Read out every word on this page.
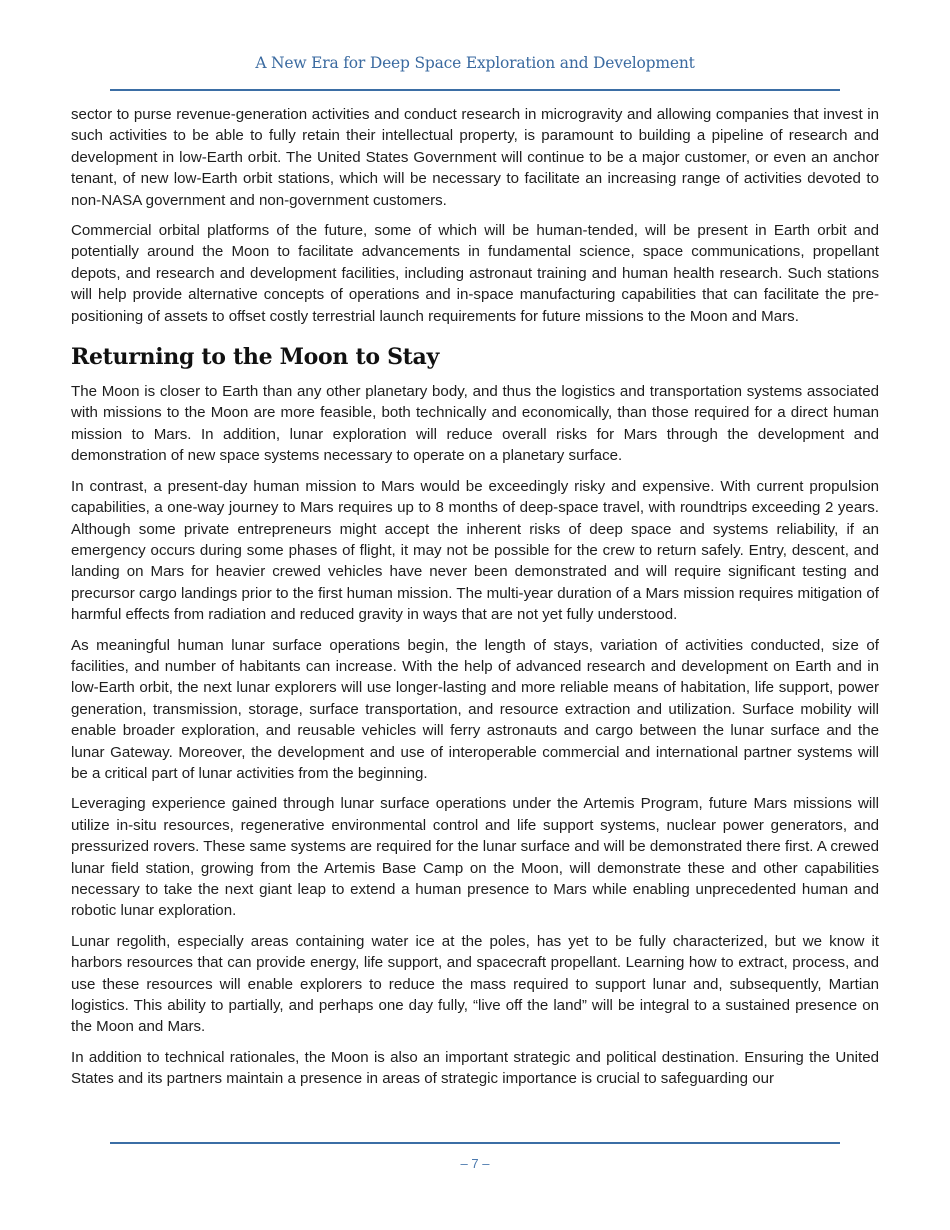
A New Era for Deep Space Exploration and Development

sector to purse revenue-generation activities and conduct research in microgravity and allowing companies that invest in such activities to be able to fully retain their intellectual property, is paramount to building a pipeline of research and development in low-Earth orbit. The United States Government will continue to be a major customer, or even an anchor tenant, of new low-Earth orbit stations, which will be necessary to facilitate an increasing range of activities devoted to non-NASA government and non-government customers.

Commercial orbital platforms of the future, some of which will be human-tended, will be present in Earth orbit and potentially around the Moon to facilitate advancements in fundamental science, space communications, propellant depots, and research and development facilities, including astronaut training and human health research. Such stations will help provide alternative concepts of operations and in-space manufacturing capabilities that can facilitate the pre-positioning of assets to offset costly terrestrial launch requirements for future missions to the Moon and Mars.

Returning to the Moon to Stay

The Moon is closer to Earth than any other planetary body, and thus the logistics and transportation systems associated with missions to the Moon are more feasible, both technically and economically, than those required for a direct human mission to Mars. In addition, lunar exploration will reduce overall risks for Mars through the development and demonstration of new space systems necessary to operate on a planetary surface.

In contrast, a present-day human mission to Mars would be exceedingly risky and expensive. With current propulsion capabilities, a one-way journey to Mars requires up to 8 months of deep-space travel, with roundtrips exceeding 2 years. Although some private entrepreneurs might accept the inherent risks of deep space and systems reliability, if an emergency occurs during some phases of flight, it may not be possible for the crew to return safely. Entry, descent, and landing on Mars for heavier crewed vehicles have never been demonstrated and will require significant testing and precursor cargo landings prior to the first human mission. The multi-year duration of a Mars mission requires mitigation of harmful effects from radiation and reduced gravity in ways that are not yet fully understood.

As meaningful human lunar surface operations begin, the length of stays, variation of activities conducted, size of facilities, and number of habitants can increase. With the help of advanced research and development on Earth and in low-Earth orbit, the next lunar explorers will use longer-lasting and more reliable means of habitation, life support, power generation, transmission, storage, surface transportation, and resource extraction and utilization. Surface mobility will enable broader exploration, and reusable vehicles will ferry astronauts and cargo between the lunar surface and the lunar Gateway. Moreover, the development and use of interoperable commercial and international partner systems will be a critical part of lunar activities from the beginning.

Leveraging experience gained through lunar surface operations under the Artemis Program, future Mars missions will utilize in-situ resources, regenerative environmental control and life support systems, nuclear power generators, and pressurized rovers. These same systems are required for the lunar surface and will be demonstrated there first. A crewed lunar field station, growing from the Artemis Base Camp on the Moon, will demonstrate these and other capabilities necessary to take the next giant leap to extend a human presence to Mars while enabling unprecedented human and robotic lunar exploration.

Lunar regolith, especially areas containing water ice at the poles, has yet to be fully characterized, but we know it harbors resources that can provide energy, life support, and spacecraft propellant. Learning how to extract, process, and use these resources will enable explorers to reduce the mass required to support lunar and, subsequently, Martian logistics. This ability to partially, and perhaps one day fully, “live off the land” will be integral to a sustained presence on the Moon and Mars.

In addition to technical rationales, the Moon is also an important strategic and political destination. Ensuring the United States and its partners maintain a presence in areas of strategic importance is crucial to safeguarding our

– 7 –
